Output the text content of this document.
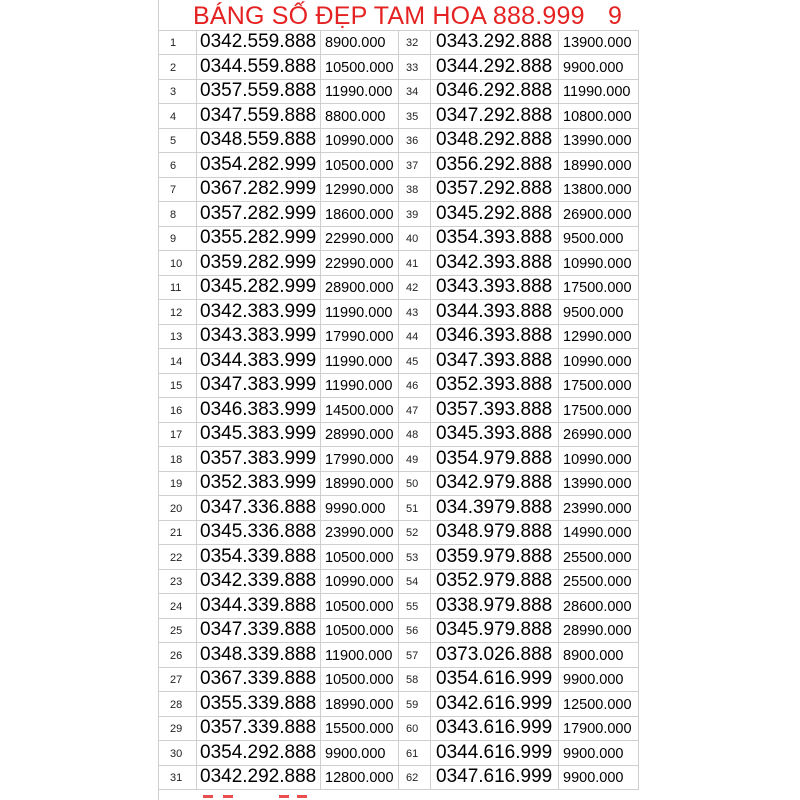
BÁNG SỐ ĐẸP TAM HOA 888.999 9
1	0342.559.888 8900.000	32 0343.292.888 13900.000
2	0344.559.888 10500.000	33 0344.292.888 9900.000
3	0357.559.888 11990.000	34 0346.292.888 11990.000
4	0347.559.888 8800.000	35 0347.292.888 10800.000
5	0348.559.888 10990.000	36 0348.292.888 13990.000
6	0354.282.999 10500.000	37 0356.292.888 18990.000
7	0367.282.999 12990.000	38 0357.292.888 13800.000
8	0357.282.999 18600.000	39 0345.292.888 26900.000
9	0355.282.999 22990.000	40 0354.393.888 9500.000
10 0359.282.999 22990.000	41 0342.393.888 10990.000
11 0345.282.999 28900.000	42 0343.393.888 17500.000
12 0342.383.999 11990.000	43 0344.393.888 9500.000
13 0343.383.999 17990.000	44 0346.393.888 12990.000
14 0344.383.999 11990.000	45 0347.393.888 10990.000
15 0347.383.999 11990.000	46 0352.393.888 17500.000
16 0346.383.999 14500.000	47 0357.393.888 17500.000
17 0345.383.999 28990.000	48 0345.393.888 26990.000
18 0357.383.999 17990.000	49 0354.979.888 10990.000
19 0352.383.999 18990.000	50 0342.979.888 13990.000
20 0347.336.888 9990.000	51 034.3979.888 23990.000
21 0345.336.888 23990.000	52 0348.979.888 14990.000
22 0354.339.888 10500.000	53 0359.979.888 25500.000
23 0342.339.888 10990.000	54 0352.979.888 25500.000
24 0344.339.888 10500.000	55 0338.979.888 28600.000
25 0347.339.888 10500.000	56 0345.979.888 28990.000
26 0348.339.888 11900.000	57 0373.026.888 8900.000
27 0367.339.888 10500.000	58 0354.616.999 9900.000
28 0355.339.888 18990.000	59 0342.616.999 12500.000
29 0357.339.888 15500.000	60 0343.616.999 17900.000
30 0354.292.888 9900.000	61 0344.616.999 9900.000
31 0342.292.888 12800.000	62 0347.616.999 9900.000
